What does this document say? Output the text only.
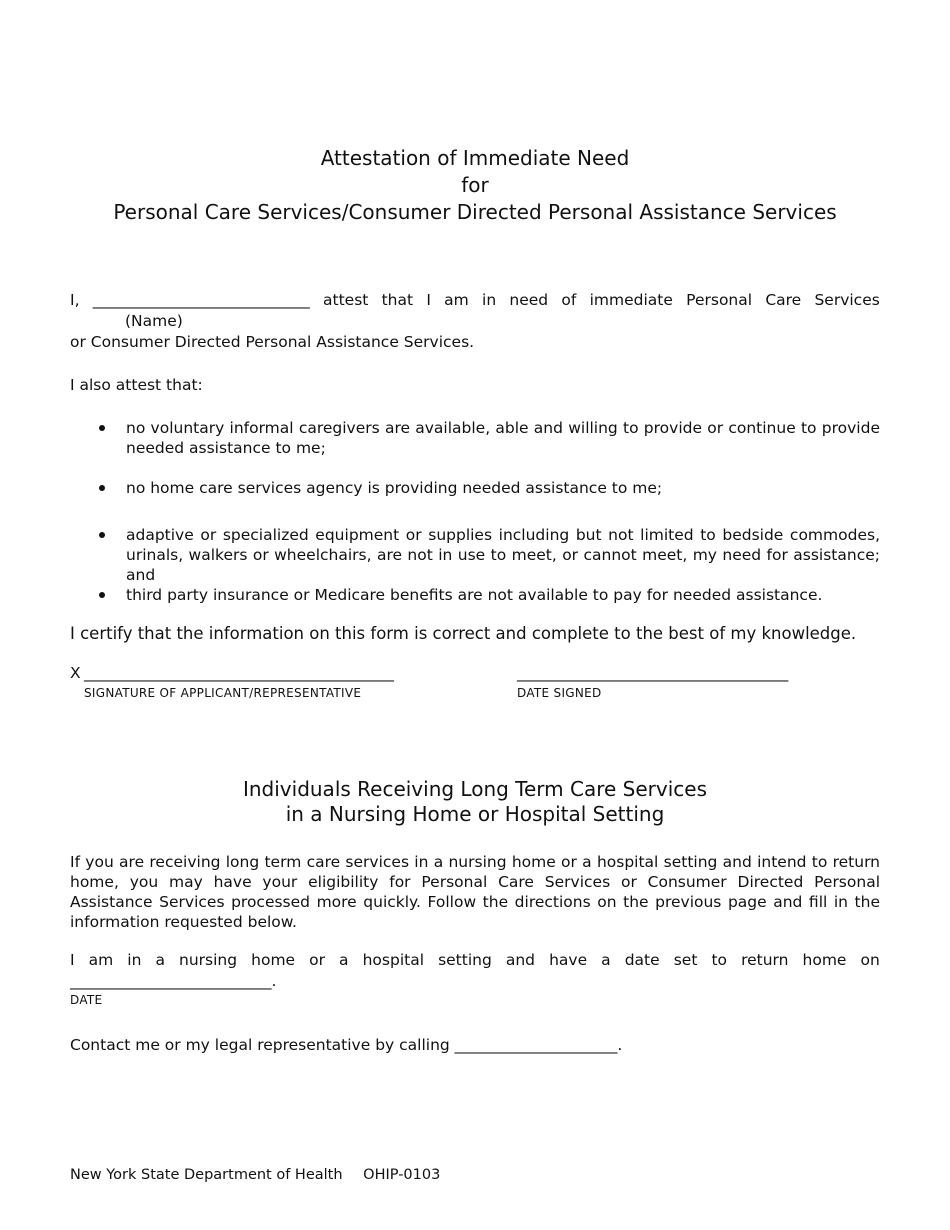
Attestation of Immediate Need
for
Personal Care Services/Consumer Directed Personal Assistance Services
I, ____________________________ attest that I am in need of immediate Personal Care Services
(Name)
or Consumer Directed Personal Assistance Services.
I also attest that:
no voluntary informal caregivers are available, able and willing to provide or continue to provide needed assistance to me;
no home care services agency is providing needed assistance to me;
adaptive or specialized equipment or supplies including but not limited to bedside commodes, urinals, walkers or wheelchairs, are not in use to meet, or cannot meet, my need for assistance; and
third party insurance or Medicare benefits are not available to pay for needed assistance.
I certify that the information on this form is correct and complete to the best of my knowledge.
X ________________________________________
SIGNATURE OF APPLICANT/REPRESENTATIVE
___________________________________
DATE SIGNED
Individuals Receiving Long Term Care Services
in a Nursing Home or Hospital Setting
If you are receiving long term care services in a nursing home or a hospital setting and intend to return home, you may have your eligibility for Personal Care Services or Consumer Directed Personal Assistance Services processed more quickly. Follow the directions on the previous page and fill in the information requested below.
I am in a nursing home or a hospital setting and have a date set to return home on
__________________________.
DATE
Contact me or my legal representative by calling _____________________.
New York State Department of Health OHIP-0103
